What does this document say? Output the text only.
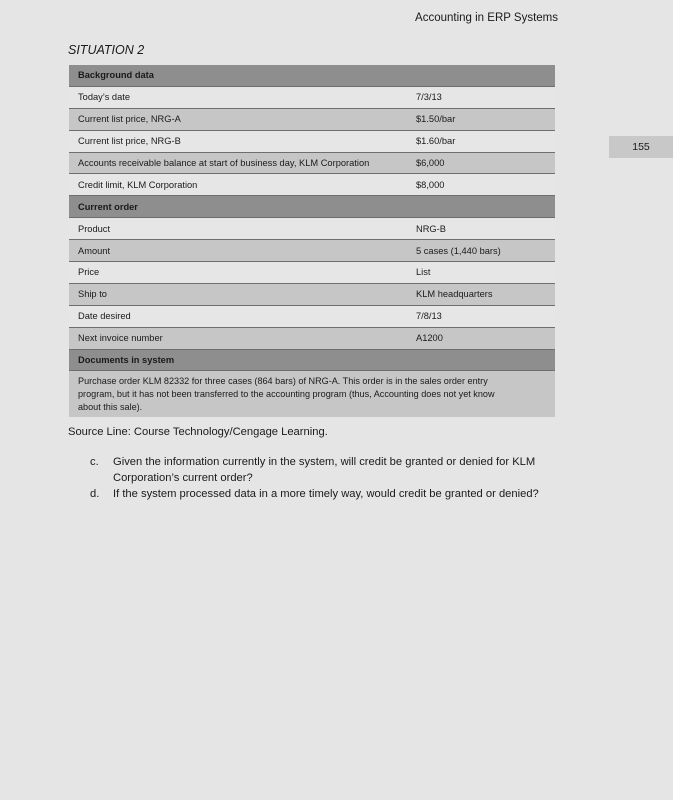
Accounting in ERP Systems
155
SITUATION 2
Background data
Today’s date	7/3/13
Current list price, NRG-A	$1.50/bar
Current list price, NRG-B	$1.60/bar
Accounts receivable balance at start of business day, KLM Corporation	$6,000
Credit limit, KLM Corporation	$8,000
Current order
Product	NRG-B
Amount	5 cases (1,440 bars)
Price	List
Ship to	KLM headquarters
Date desired	7/8/13
Next invoice number	A1200
Documents in system
Purchase order KLM 82332 for three cases (864 bars) of NRG-A. This order is in the sales order entry program, but it has not been transferred to the accounting program (thus, Accounting does not yet know about this sale).
Source Line: Course Technology/Cengage Learning.
c.	Given the information currently in the system, will credit be granted or denied for KLM Corporation’s current order?
d.	If the system processed data in a more timely way, would credit be granted or denied?
